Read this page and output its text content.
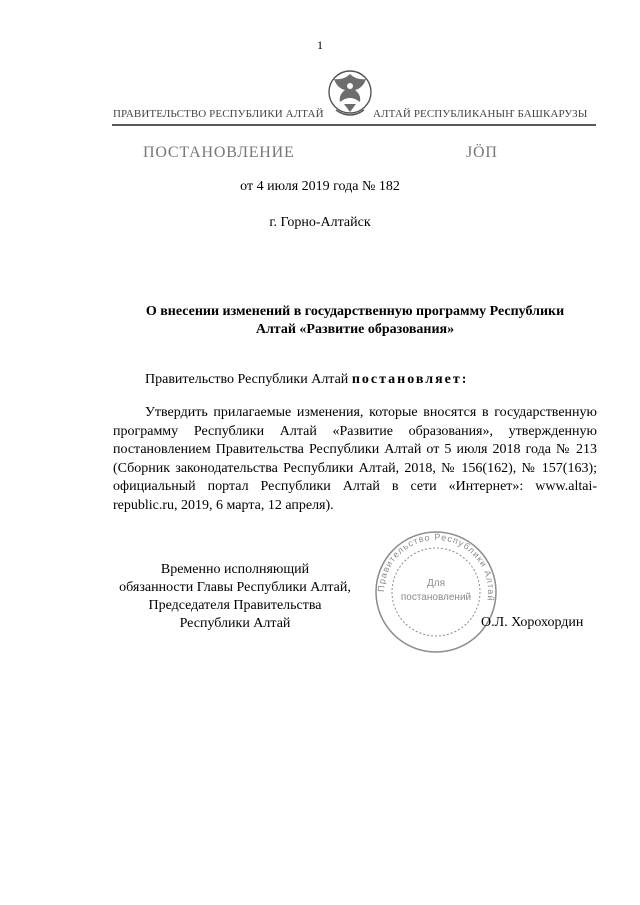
1
ПРАВИТЕЛЬСТВО РЕСПУБЛИКИ АЛТАЙ	АЛТАЙ РЕСПУБЛИКАНЫҤ БАШКАРУЗЫ
ПОСТАНОВЛЕНИЕ	ЈÖП
от 4 июля 2019 года № 182
г. Горно-Алтайск
О внесении изменений в государственную программу Республики
Алтай «Развитие образования»
Правительство Республики Алтай постановляет:
Утвердить прилагаемые изменения, которые вносятся в государственную программу Республики Алтай «Развитие образования», утвержденную постановлением Правительства Республики Алтай от 5 июля 2018 года № 213 (Сборник законодательства Республики Алтай, 2018, № 156(162), № 157(163); официальный портал Республики Алтай в сети «Интернет»: www.altai-republic.ru, 2019, 6 марта, 12 апреля).
Временно исполняющий
обязанности Главы Республики Алтай,
Председателя Правительства
Республики Алтай
Правительство Республики Алтай
Для
постановлений
О.Л. Хорохордин
